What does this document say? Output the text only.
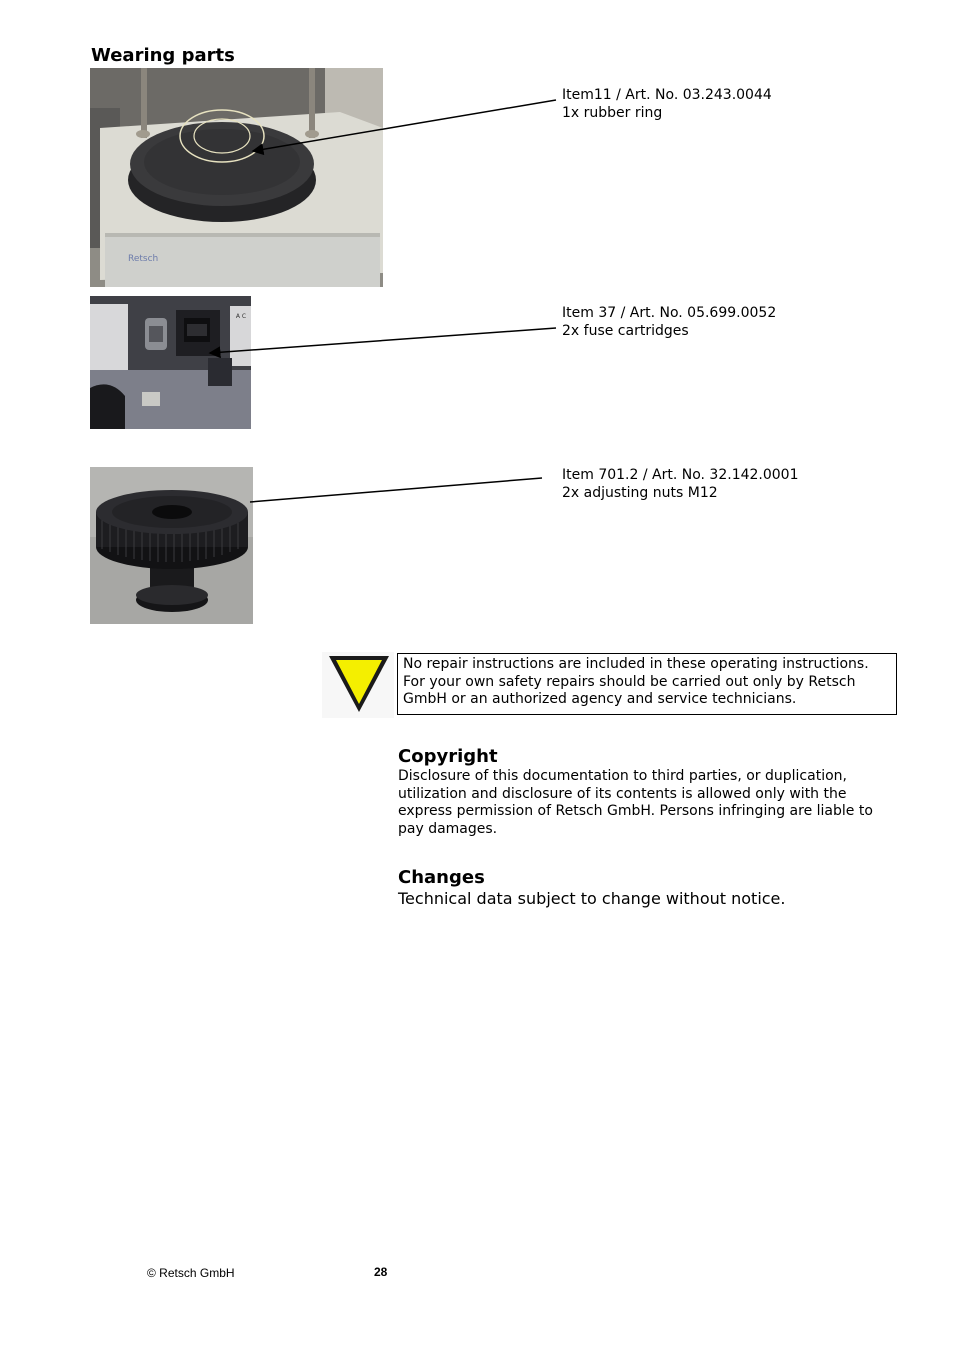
Wearing parts
Retsch
A C
Item11 / Art. No. 03.243.0044
1x rubber ring
Item 37 / Art. No. 05.699.0052
2x fuse cartridges
Item 701.2 / Art. No. 32.142.0001
2x adjusting nuts M12
No repair instructions are included in these operating instructions. For your own safety repairs should be carried out only by Retsch GmbH or an authorized agency and service technicians.
Copyright
Disclosure of this documentation to third parties, or duplication, utilization and disclosure of its contents is allowed only with the express permission of Retsch GmbH. Persons infringing are liable to pay damages.
Changes
Technical data subject to change without notice.
© Retsch GmbH	28
